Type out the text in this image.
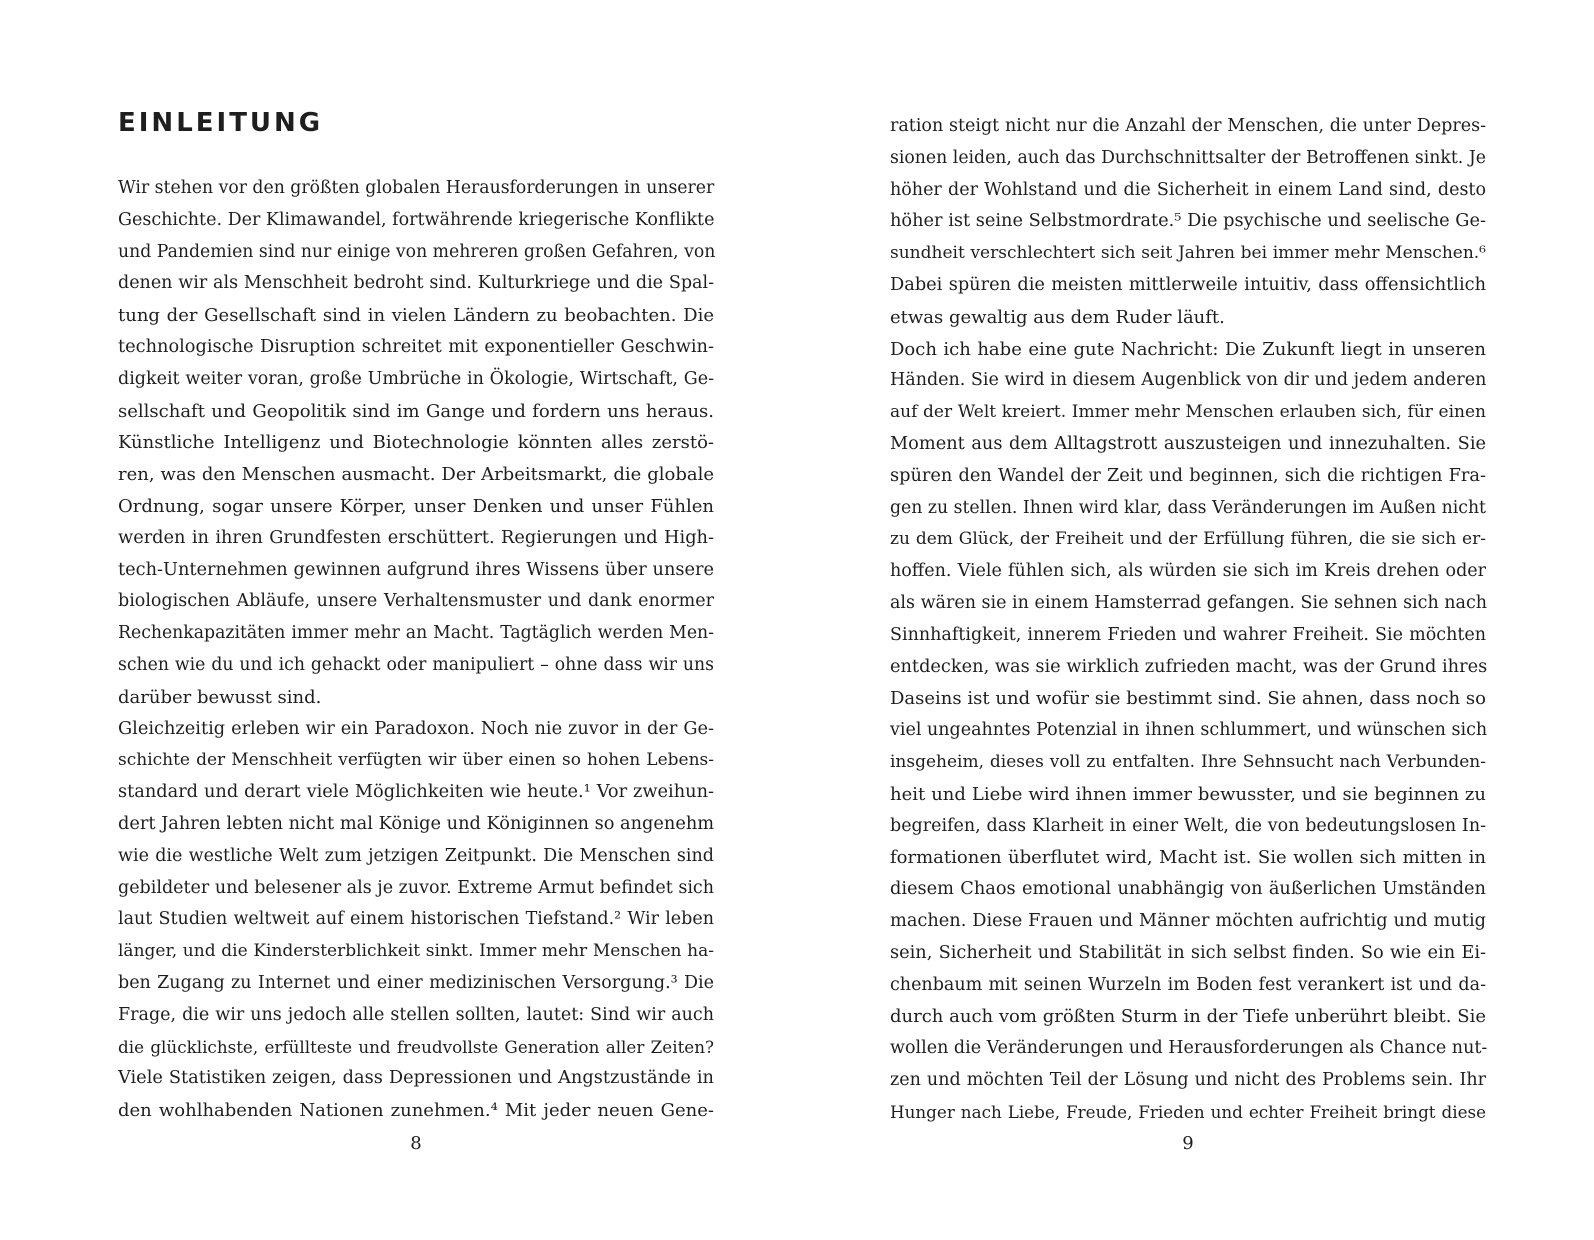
EINLEITUNG
Wir stehen vor den größten globalen Herausforderungen in unserer
Geschichte. Der Klimawandel, fortwährende kriegerische Konflikte
und Pandemien sind nur einige von mehreren großen Gefahren, von
denen wir als Menschheit bedroht sind. Kulturkriege und die Spal-
tung der Gesellschaft sind in vielen Ländern zu beobachten. Die
technologische Disruption schreitet mit exponentieller Geschwin-
digkeit weiter voran, große Umbrüche in Ökologie, Wirtschaft, Ge-
sellschaft und Geopolitik sind im Gange und fordern uns heraus.
Künstliche Intelligenz und Biotechnologie könnten alles zerstö-
ren, was den Menschen ausmacht. Der Arbeitsmarkt, die globale
Ordnung, sogar unsere Körper, unser Denken und unser Fühlen
werden in ihren Grundfesten erschüttert. Regierungen und High-
tech-Unternehmen gewinnen aufgrund ihres Wissens über unsere
biologischen Abläufe, unsere Verhaltensmuster und dank enormer
Rechenkapazitäten immer mehr an Macht. Tagtäglich werden Men-
schen wie du und ich gehackt oder manipuliert – ohne dass wir uns
darüber bewusst sind.
Gleichzeitig erleben wir ein Paradoxon. Noch nie zuvor in der Ge-
schichte der Menschheit verfügten wir über einen so hohen Lebens-
standard und derart viele Möglichkeiten wie heute.¹ Vor zweihun-
dert Jahren lebten nicht mal Könige und Königinnen so angenehm
wie die westliche Welt zum jetzigen Zeitpunkt. Die Menschen sind
gebildeter und belesener als je zuvor. Extreme Armut befindet sich
laut Studien weltweit auf einem historischen Tiefstand.² Wir leben
länger, und die Kindersterblichkeit sinkt. Immer mehr Menschen ha-
ben Zugang zu Internet und einer medizinischen Versorgung.³ Die
Frage, die wir uns jedoch alle stellen sollten, lautet: Sind wir auch
die glücklichste, erfüllteste und freudvollste Generation aller Zeiten?
Viele Statistiken zeigen, dass Depressionen und Angstzustände in
den wohlhabenden Nationen zunehmen.⁴ Mit jeder neuen Gene-
8
ration steigt nicht nur die Anzahl der Menschen, die unter Depres-
sionen leiden, auch das Durchschnittsalter der Betroffenen sinkt. Je
höher der Wohlstand und die Sicherheit in einem Land sind, desto
höher ist seine Selbstmordrate.⁵ Die psychische und seelische Ge-
sundheit verschlechtert sich seit Jahren bei immer mehr Menschen.⁶
Dabei spüren die meisten mittlerweile intuitiv, dass offensichtlich
etwas gewaltig aus dem Ruder läuft.
Doch ich habe eine gute Nachricht: Die Zukunft liegt in unseren
Händen. Sie wird in diesem Augenblick von dir und jedem anderen
auf der Welt kreiert. Immer mehr Menschen erlauben sich, für einen
Moment aus dem Alltagstrott auszusteigen und innezuhalten. Sie
spüren den Wandel der Zeit und beginnen, sich die richtigen Fra-
gen zu stellen. Ihnen wird klar, dass Veränderungen im Außen nicht
zu dem Glück, der Freiheit und der Erfüllung führen, die sie sich er-
hoffen. Viele fühlen sich, als würden sie sich im Kreis drehen oder
als wären sie in einem Hamsterrad gefangen. Sie sehnen sich nach
Sinnhaftigkeit, innerem Frieden und wahrer Freiheit. Sie möchten
entdecken, was sie wirklich zufrieden macht, was der Grund ihres
Daseins ist und wofür sie bestimmt sind. Sie ahnen, dass noch so
viel ungeahntes Potenzial in ihnen schlummert, und wünschen sich
insgeheim, dieses voll zu entfalten. Ihre Sehnsucht nach Verbunden-
heit und Liebe wird ihnen immer bewusster, und sie beginnen zu
begreifen, dass Klarheit in einer Welt, die von bedeutungslosen In-
formationen überflutet wird, Macht ist. Sie wollen sich mitten in
diesem Chaos emotional unabhängig von äußerlichen Umständen
machen. Diese Frauen und Männer möchten aufrichtig und mutig
sein, Sicherheit und Stabilität in sich selbst finden. So wie ein Ei-
chenbaum mit seinen Wurzeln im Boden fest verankert ist und da-
durch auch vom größten Sturm in der Tiefe unberührt bleibt. Sie
wollen die Veränderungen und Herausforderungen als Chance nut-
zen und möchten Teil der Lösung und nicht des Problems sein. Ihr
Hunger nach Liebe, Freude, Frieden und echter Freiheit bringt diese
9
